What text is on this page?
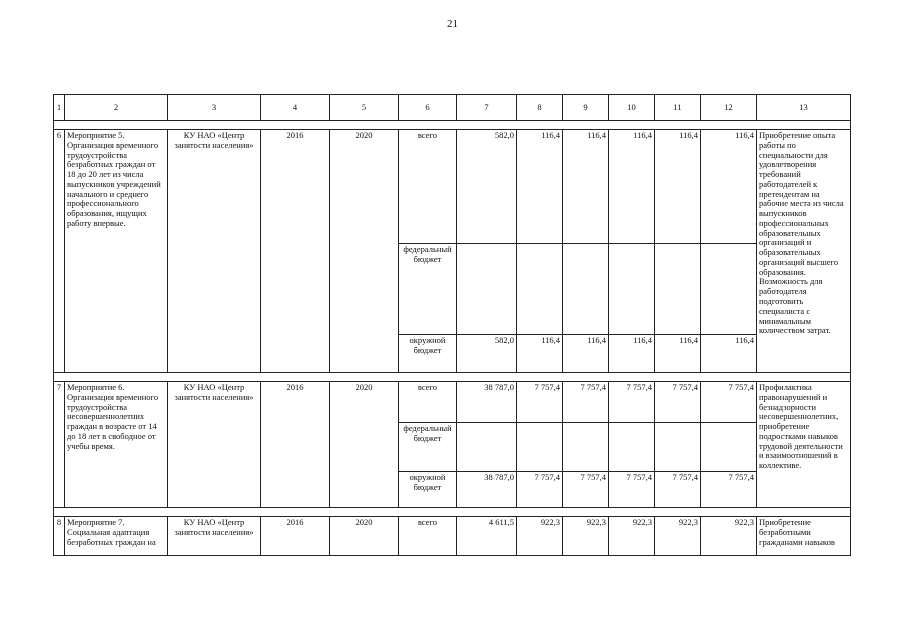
21
1	2	3	4	5	6	7	8	9	10	11	12	13

6	Мероприятие 5. Организация временного трудоустройства безработных граждан от 18 до 20 лет из числа выпускников учреждений начального и среднего профессионального образования, ищущих работу впервые.	КУ НАО «Центр занятости населения»	2016	2020	всего	582,0	116,4	116,4	116,4	116,4	116,4	Приобретение опыта работы по специальности для удовлетворения требований работодателей к претендентам на рабочие места из числа выпускников профессиональных образовательных организаций и образовательных организаций высшего образования. Возможность для работодателя подготовить специалиста с минимальным количеством затрат.
					федеральный бюджет							
					окружной бюджет	582,0	116,4	116,4	116,4	116,4	116,4	

7	Мероприятие 6. Организация временного трудоустройства несовершеннолетних граждан в возрасте от 14 до 18 лет в свободное от учебы время.	КУ НАО «Центр занятости населения»	2016	2020	всего	38 787,0	7 757,4	7 757,4	7 757,4	7 757,4	7 757,4	Профилактика правонарушений и безнадзорности несовершеннолетних, приобретение подростками навыков трудовой деятельности и взаимоотношений в коллективе.
					федеральный бюджет							
					окружной бюджет	38 787,0	7 757,4	7 757,4	7 757,4	7 757,4	7 757,4	

8	Мероприятие 7. Социальная адаптация безработных граждан на	КУ НАО «Центр занятости населения»	2016	2020	всего	4 611,5	922,3	922,3	922,3	922,3	922,3	Приобретение безработными гражданами навыков
